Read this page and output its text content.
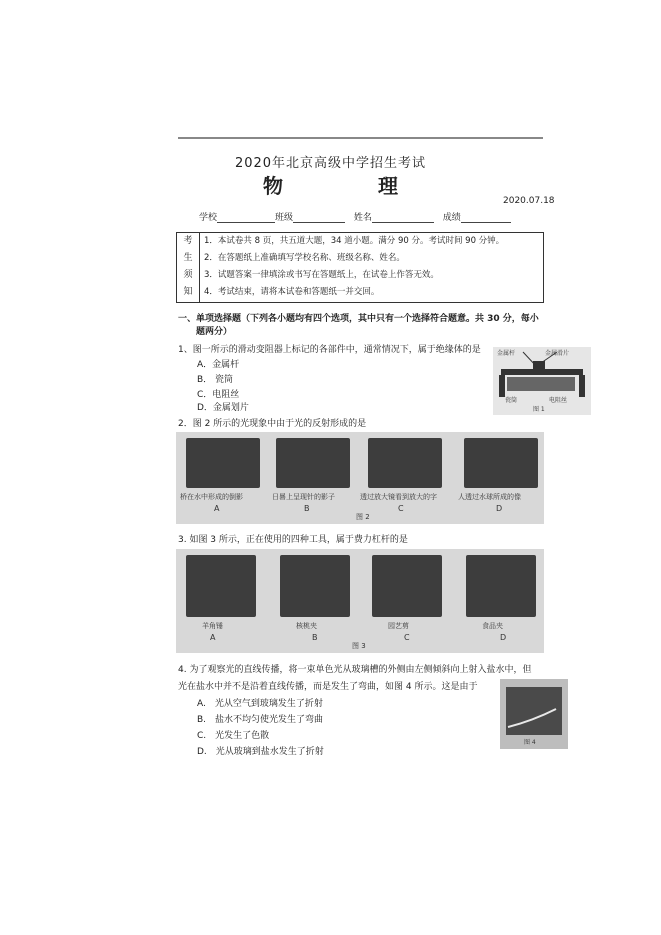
2020年北京高级中学招生考试
物 理
2020.07.18
学校	班级	姓名	成绩
考
生
须
知
1．本试卷共 8 页，共五道大题，34 道小题。满分 90 分。考试时间 90 分钟。
2．在答题纸上准确填写学校名称、班级名称、姓名。
3．试题答案一律填涂或书写在答题纸上，在试卷上作答无效。
4．考试结束，请将本试卷和答题纸一并交回。
一、单项选择题（下列各小题均有四个选项，其中只有一个选择符合题意。共 30 分，每小
题两分）
1、图一所示的滑动变阻器上标记的各部件中，通常情况下，属于绝缘体的是
A．金属杆
B． 瓷筒
C．电阻丝
D．金属划片
金属杆	金属滑片
瓷筒	电阻丝
图 1
2．图 2 所示的光现象中由于光的反射形成的是
桥在水中形成的倒影	日晷上呈现针的影子	透过放大镜看到放大的字	人透过水球所成的像
A	B	C	D
图 2
3. 如图 3 所示，正在使用的四种工具，属于费力杠杆的是
羊角锤	核桃夹	园艺剪	食品夹
A	B	C	D
图 3
4. 为了观察光的直线传播，将一束单色光从玻璃槽的外侧由左侧倾斜向上射入盐水中，但
光在盐水中并不是沿着直线传播，而是发生了弯曲，如图 4 所示。这是由于
A.　光从空气到玻璃发生了折射
B.　盐水不均匀使光发生了弯曲
C.　光发生了色散
D.　光从玻璃到盐水发生了折射
图 4
